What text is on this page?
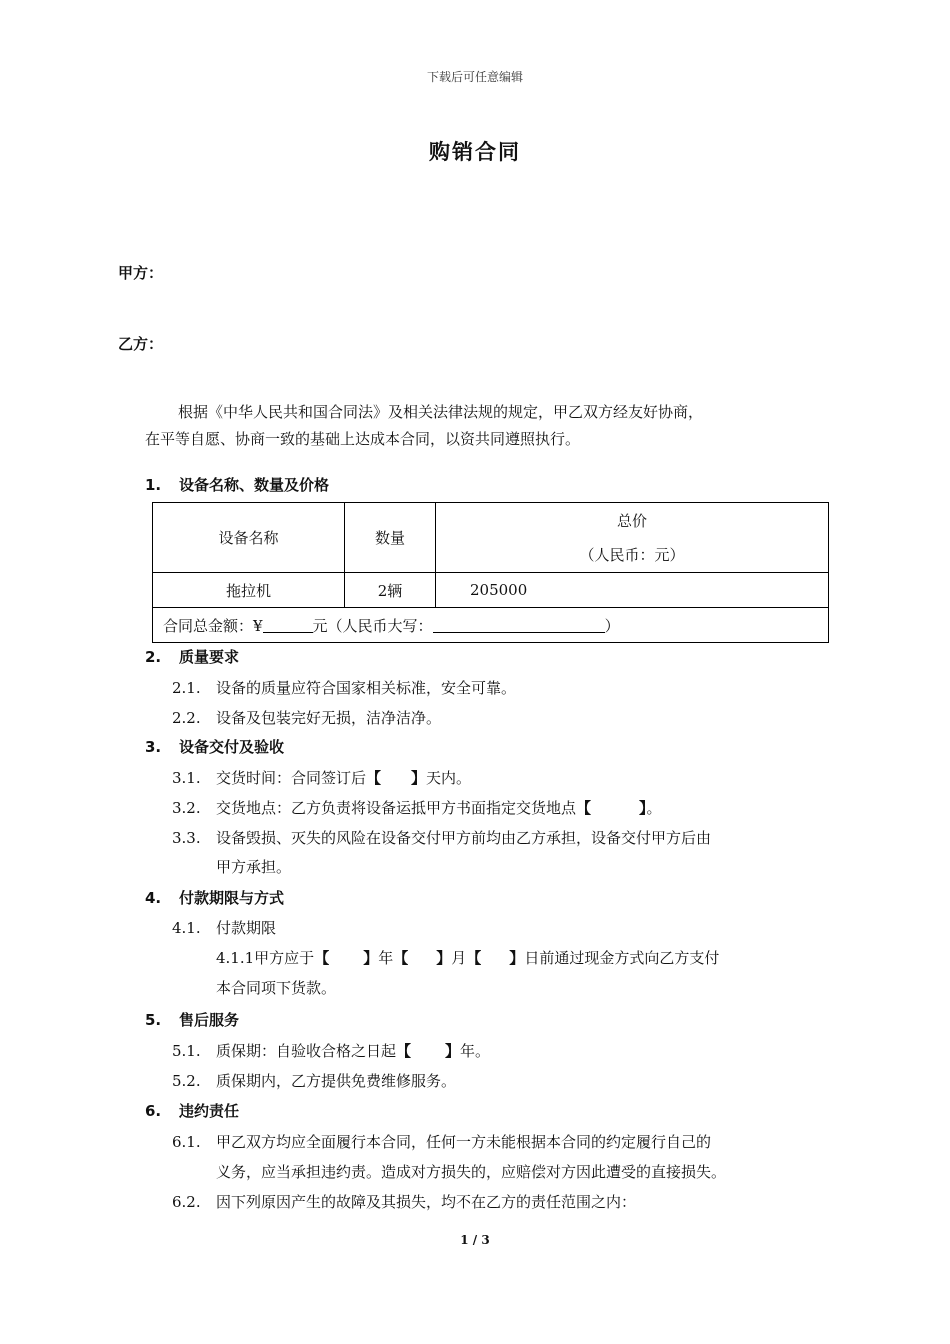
下载后可任意编辑
购销合同
甲方：
乙方：
根据《中华人民共和国合同法》及相关法律法规的规定，甲乙双方经友好协商，
在平等自愿、协商一致的基础上达成本合同，以资共同遵照执行。
1. 设备名称、数量及价格
设备名称	数量	总价
（人民币：元）

拖拉机	2辆	205000
合同总金额：¥ 元（人民币大写： ）		
2. 质量要求
2.1. 设备的质量应符合国家相关标准，安全可靠。
2.2. 设备及包装完好无损，洁净洁净。
3. 设备交付及验收
3.1. 交货时间：合同签订后【 】天内。
3.2. 交货地点：乙方负责将设备运抵甲方书面指定交货地点【	】。
3.3. 设备毁损、灭失的风险在设备交付甲方前均由乙方承担，设备交付甲方后由
甲方承担。
4. 付款期限与方式
4.1. 付款期限
4.1.1甲方应于【 】年【 】月【 】日前通过现金方式向乙方支付
本合同项下货款。
5. 售后服务
5.1. 质保期：自验收合格之日起【 】年。
5.2. 质保期内，乙方提供免费维修服务。
6. 违约责任
6.1. 甲乙双方均应全面履行本合同，任何一方未能根据本合同的约定履行自己的
义务，应当承担违约责。造成对方损失的，应赔偿对方因此遭受的直接损失。
6.2. 因下列原因产生的故障及其损失，均不在乙方的责任范围之内：
1 / 3
